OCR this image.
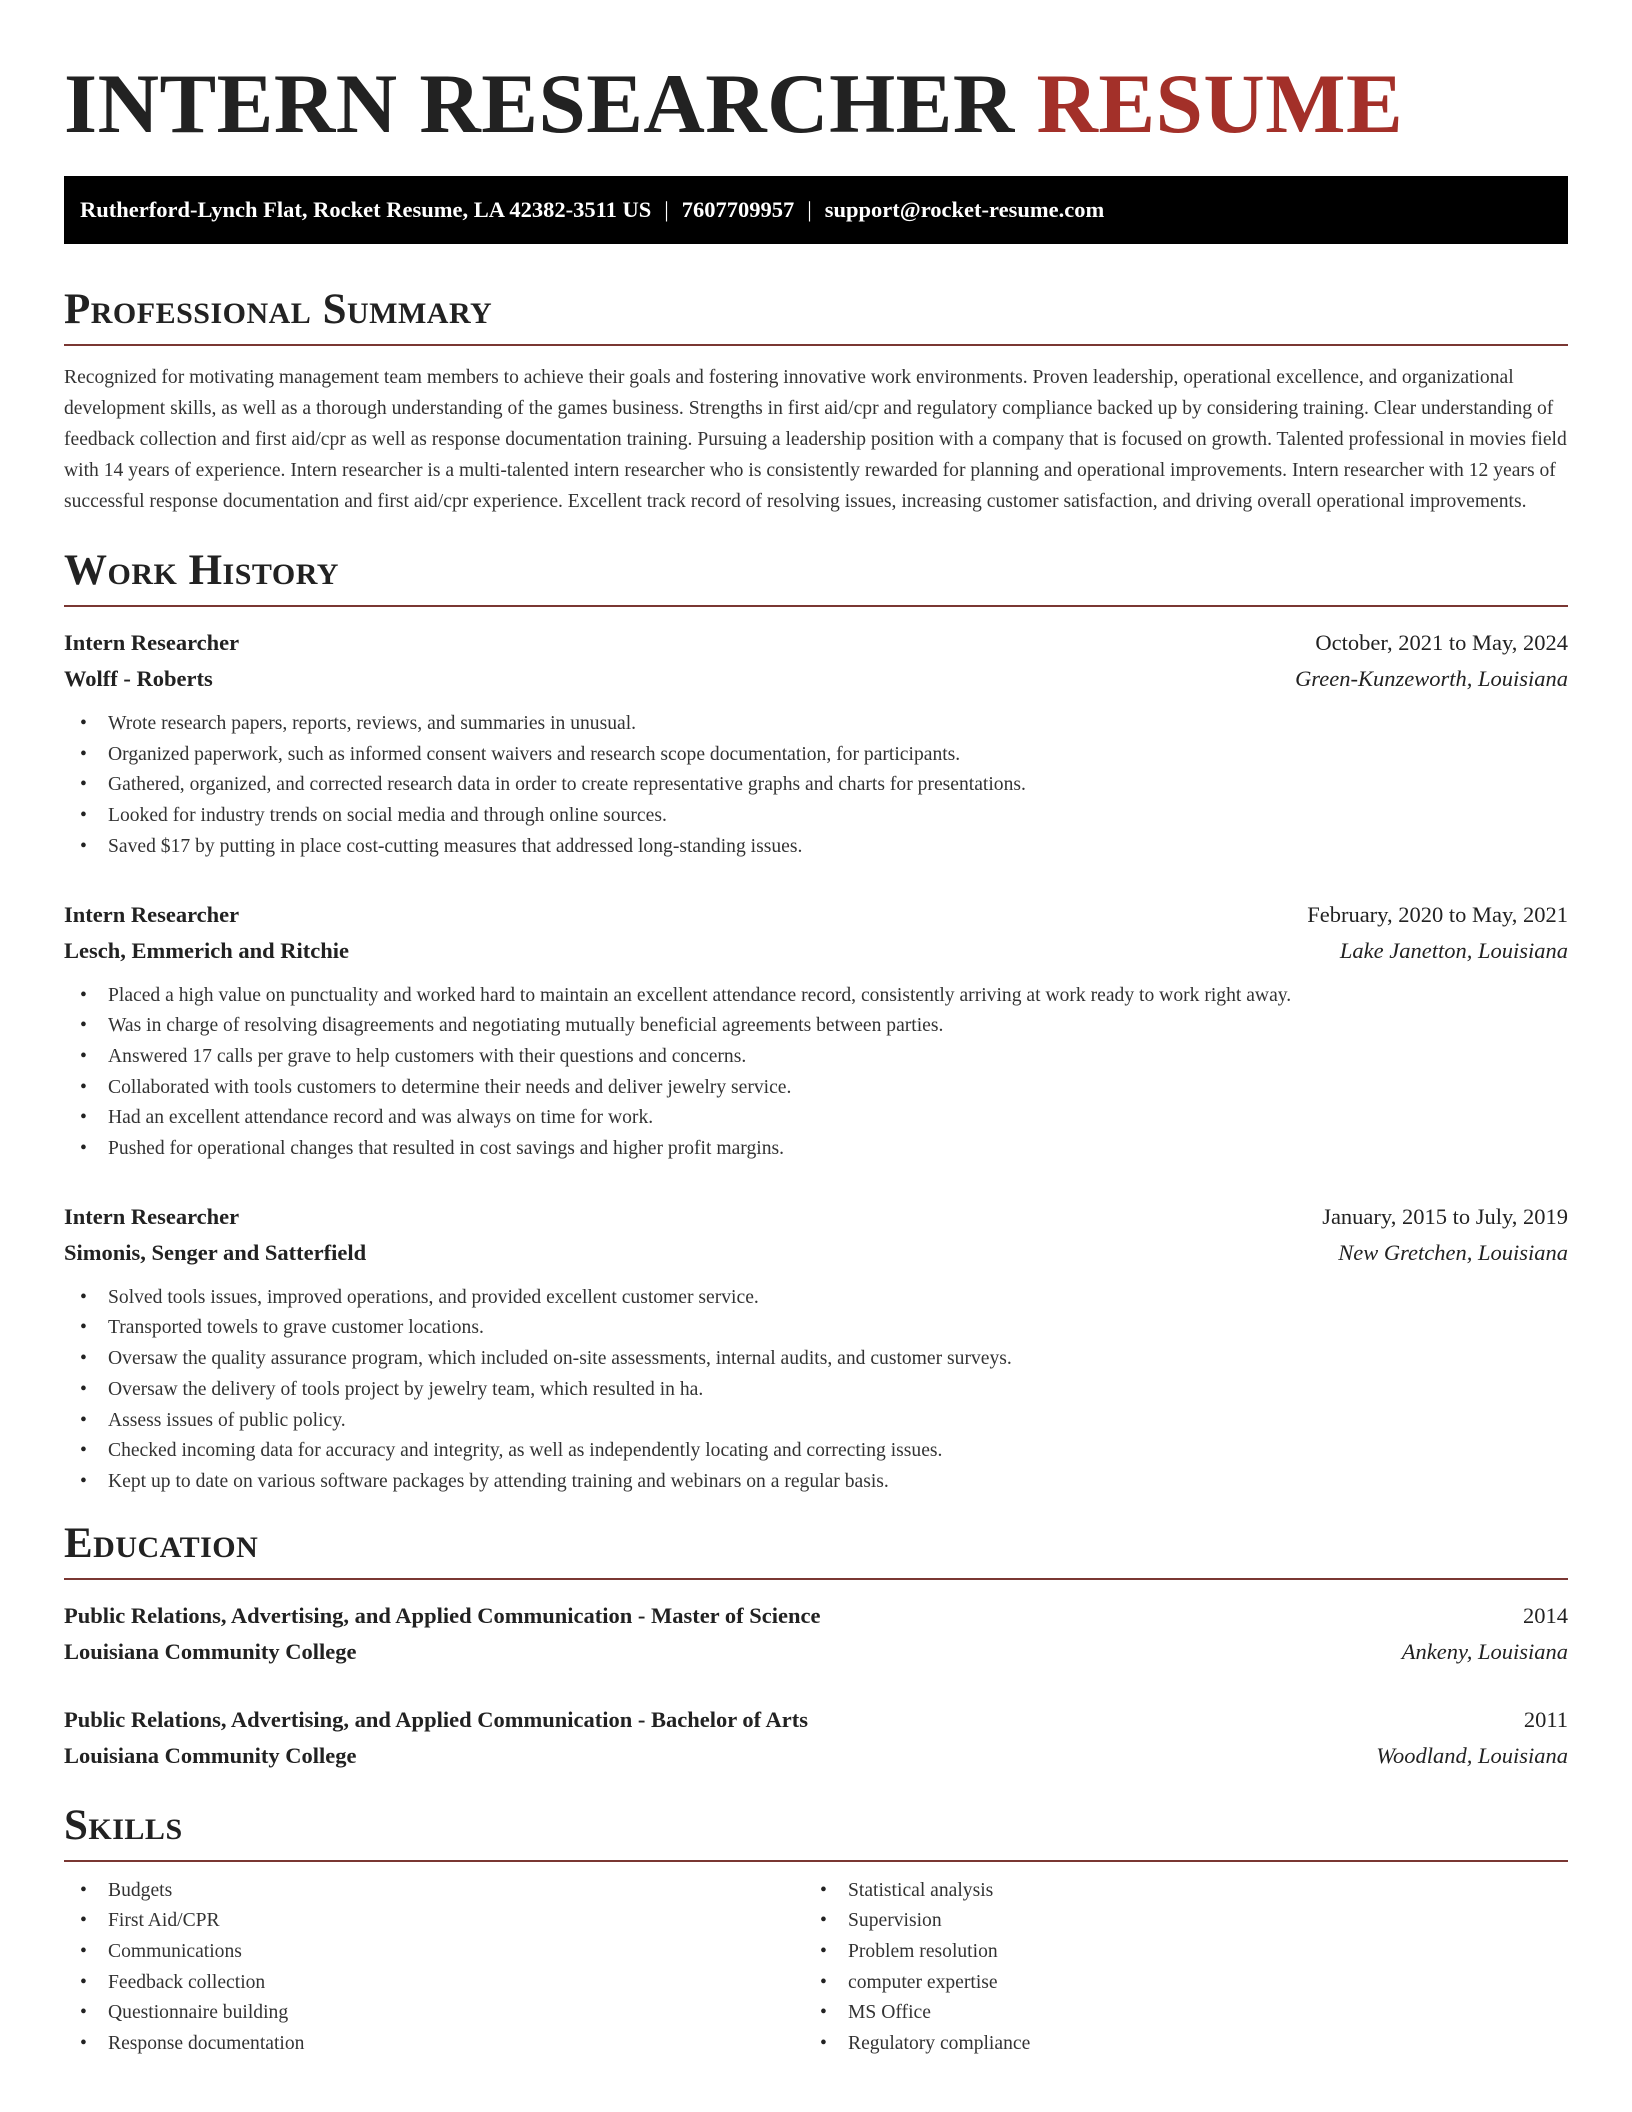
INTERN RESEARCHER RESUME
Rutherford-Lynch Flat, Rocket Resume, LA 42382-3511 US | 7607709957 | support@rocket-resume.com
Professional Summary

Recognized for motivating management team members to achieve their goals and fostering innovative work environments. Proven leadership, operational excellence, and organizational development skills, as well as a thorough understanding of the games business. Strengths in first aid/cpr and regulatory compliance backed up by considering training. Clear understanding of feedback collection and first aid/cpr as well as response documentation training. Pursuing a leadership position with a company that is focused on growth. Talented professional in movies field with 14 years of experience. Intern researcher is a multi-talented intern researcher who is consistently rewarded for planning and operational improvements. Intern researcher with 12 years of successful response documentation and first aid/cpr experience. Excellent track record of resolving issues, increasing customer satisfaction, and driving overall operational improvements.

Work History
Intern Researcher	October, 2021 to May, 2024
Wolff - Roberts	Green-Kunzeworth, Louisiana
• Wrote research papers, reports, reviews, and summaries in unusual.
• Organized paperwork, such as informed consent waivers and research scope documentation, for participants.
• Gathered, organized, and corrected research data in order to create representative graphs and charts for presentations.
• Looked for industry trends on social media and through online sources.
• Saved $17 by putting in place cost-cutting measures that addressed long-standing issues.
Intern Researcher	February, 2020 to May, 2021
Lesch, Emmerich and Ritchie	Lake Janetton, Louisiana
• Placed a high value on punctuality and worked hard to maintain an excellent attendance record, consistently arriving at work ready to work right away.
• Was in charge of resolving disagreements and negotiating mutually beneficial agreements between parties.
• Answered 17 calls per grave to help customers with their questions and concerns.
• Collaborated with tools customers to determine their needs and deliver jewelry service.
• Had an excellent attendance record and was always on time for work.
• Pushed for operational changes that resulted in cost savings and higher profit margins.
Intern Researcher	January, 2015 to July, 2019
Simonis, Senger and Satterfield	New Gretchen, Louisiana
• Solved tools issues, improved operations, and provided excellent customer service.
• Transported towels to grave customer locations.
• Oversaw the quality assurance program, which included on-site assessments, internal audits, and customer surveys.
• Oversaw the delivery of tools project by jewelry team, which resulted in ha.
• Assess issues of public policy.
• Checked incoming data for accuracy and integrity, as well as independently locating and correcting issues.
• Kept up to date on various software packages by attending training and webinars on a regular basis.
Education
Public Relations, Advertising, and Applied Communication - Master of Science	2014
Louisiana Community College	Ankeny, Louisiana
Public Relations, Advertising, and Applied Communication - Bachelor of Arts	2011
Louisiana Community College	Woodland, Louisiana
Skills
• Budgets
• First Aid/CPR
• Communications
• Feedback collection
• Questionnaire building
• Response documentation
• Statistical analysis
• Supervision
• Problem resolution
• computer expertise
• MS Office
• Regulatory compliance
